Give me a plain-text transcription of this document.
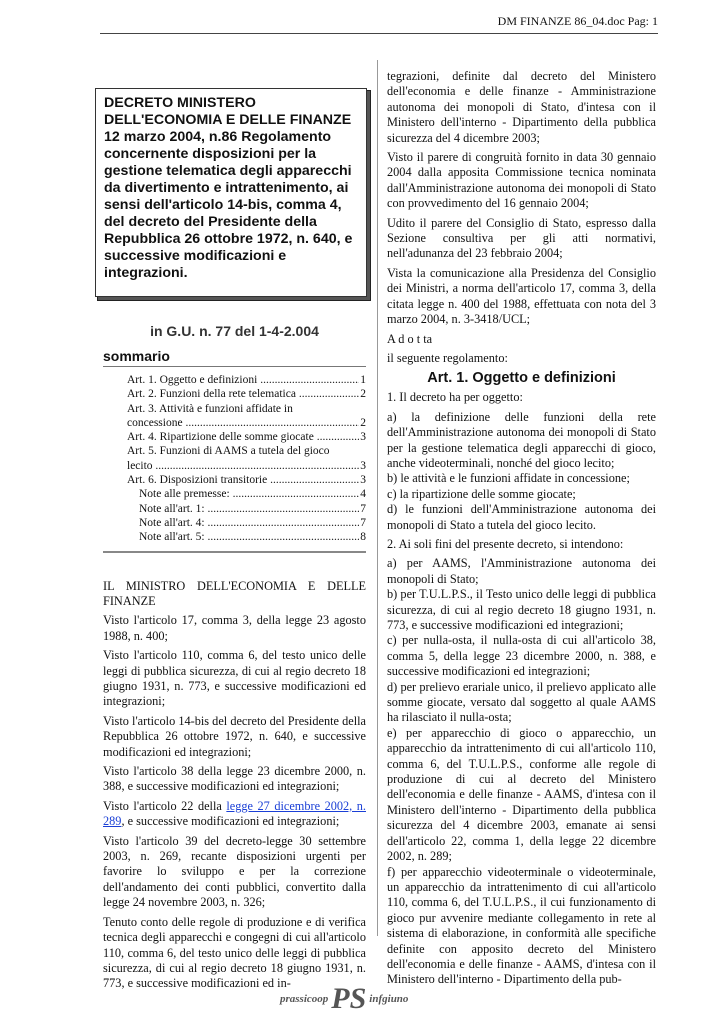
DM FINANZE 86_04.doc Pag: 1
DECRETO MINISTERO DELL'ECONOMIA E DELLE FINANZE 12 marzo 2004, n.86 Regolamento concernente disposizioni per la gestione telematica degli apparecchi da divertimento e intrattenimento, ai sensi dell'articolo 14-bis, comma 4, del decreto del Presidente della Repubblica 26 ottobre 1972, n. 640, e successive modificazioni e integrazioni.
in G.U. n. 77 del 1-4-2.004
sommario
Art. 1. Oggetto e definizioni .....	1
Art. 2. Funzioni della rete telematica .....	2
Art. 3. Attività e funzioni affidate in
concessione .....	2
Art. 4. Ripartizione delle somme giocate .....	3
Art. 5. Funzioni di AAMS a tutela del gioco
lecito .....	3
Art. 6. Disposizioni transitorie .....	3
Note alle premesse: .....	4
Note all'art. 1: .....	7
Note all'art. 4: .....	7
Note all'art. 5: .....	8

IL MINISTRO DELL'ECONOMIA E DELLE FINANZE

Visto l'articolo 17, comma 3, della legge 23 agosto 1988, n. 400;

Visto l'articolo 110, comma 6, del testo unico delle leggi di pubblica sicurezza, di cui al regio decreto 18 giugno 1931, n. 773, e successive modificazioni ed integrazioni;

Visto l'articolo 14-bis del decreto del Presidente della Repubblica 26 ottobre 1972, n. 640, e successive modificazioni ed integrazioni;

Visto l'articolo 38 della legge 23 dicembre 2000, n. 388, e successive modificazioni ed integrazioni;

Visto l'articolo 22 della legge 27 dicembre 2002, n. 289, e successive modificazioni ed integrazioni;

Visto l'articolo 39 del decreto-legge 30 settembre 2003, n. 269, recante disposizioni urgenti per favorire lo sviluppo e per la correzione dell'andamento dei conti pubblici, convertito dalla legge 24 novembre 2003, n. 326;

Tenuto conto delle regole di produzione e di verifica tecnica degli apparecchi e congegni di cui all'articolo 110, comma 6, del testo unico delle leggi di pubblica sicurezza, di cui al regio decreto 18 giugno 1931, n. 773, e successive modificazioni ed in-

tegrazioni, definite dal decreto del Ministero dell'economia e delle finanze - Amministrazione autonoma dei monopoli di Stato, d'intesa con il Ministero dell'interno - Dipartimento della pubblica sicurezza del 4 dicembre 2003;

Visto il parere di congruità fornito in data 30 gennaio 2004 dalla apposita Commissione tecnica nominata dall'Amministrazione autonoma dei monopoli di Stato con provvedimento del 16 gennaio 2004;

Udito il parere del Consiglio di Stato, espresso dalla Sezione consultiva per gli atti normativi, nell'adunanza del 23 febbraio 2004;

Vista la comunicazione alla Presidenza del Consiglio dei Ministri, a norma dell'articolo 17, comma 3, della citata legge n. 400 del 1988, effettuata con nota del 3 marzo 2004, n. 3-3418/UCL;

A d o t ta

il seguente regolamento:

Art. 1. Oggetto e definizioni

1. Il decreto ha per oggetto:

a) la definizione delle funzioni della rete dell'Amministrazione autonoma dei monopoli di Stato per la gestione telematica degli apparecchi di gioco, anche videoterminali, nonché del gioco lecito;

b) le attività e le funzioni affidate in concessione;

c) la ripartizione delle somme giocate;

d) le funzioni dell'Amministrazione autonoma dei monopoli di Stato a tutela del gioco lecito.

2. Ai soli fini del presente decreto, si intendono:

a) per AAMS, l'Amministrazione autonoma dei monopoli di Stato;

b) per T.U.L.P.S., il Testo unico delle leggi di pubblica sicurezza, di cui al regio decreto 18 giugno 1931, n. 773, e successive modificazioni ed integrazioni;

c) per nulla-osta, il nulla-osta di cui all'articolo 38, comma 5, della legge 23 dicembre 2000, n. 388, e successive modificazioni ed integrazioni;

d) per prelievo erariale unico, il prelievo applicato alle somme giocate, versato dal soggetto al quale AAMS ha rilasciato il nulla-osta;

e) per apparecchio di gioco o apparecchio, un apparecchio da intrattenimento di cui all'articolo 110, comma 6, del T.U.L.P.S., conforme alle regole di produzione di cui al decreto del Ministero dell'economia e delle finanze - AAMS, d'intesa con il Ministero dell'interno - Dipartimento della pubblica sicurezza del 4 dicembre 2003, emanate ai sensi dell'articolo 22, comma 1, della legge 22 dicembre 2002, n. 289;

f) per apparecchio videoterminale o videoterminale, un apparecchio da intrattenimento di cui all'articolo 110, comma 6, del T.U.L.P.S., il cui funzionamento di gioco pur avvenire mediante collegamento in rete al sistema di elaborazione, in conformità alle specifiche definite con apposito decreto del Ministero dell'economia e delle finanze - AAMS, d'intesa con il Ministero dell'interno - Dipartimento della pub-

prassicoop PS infgiuno
